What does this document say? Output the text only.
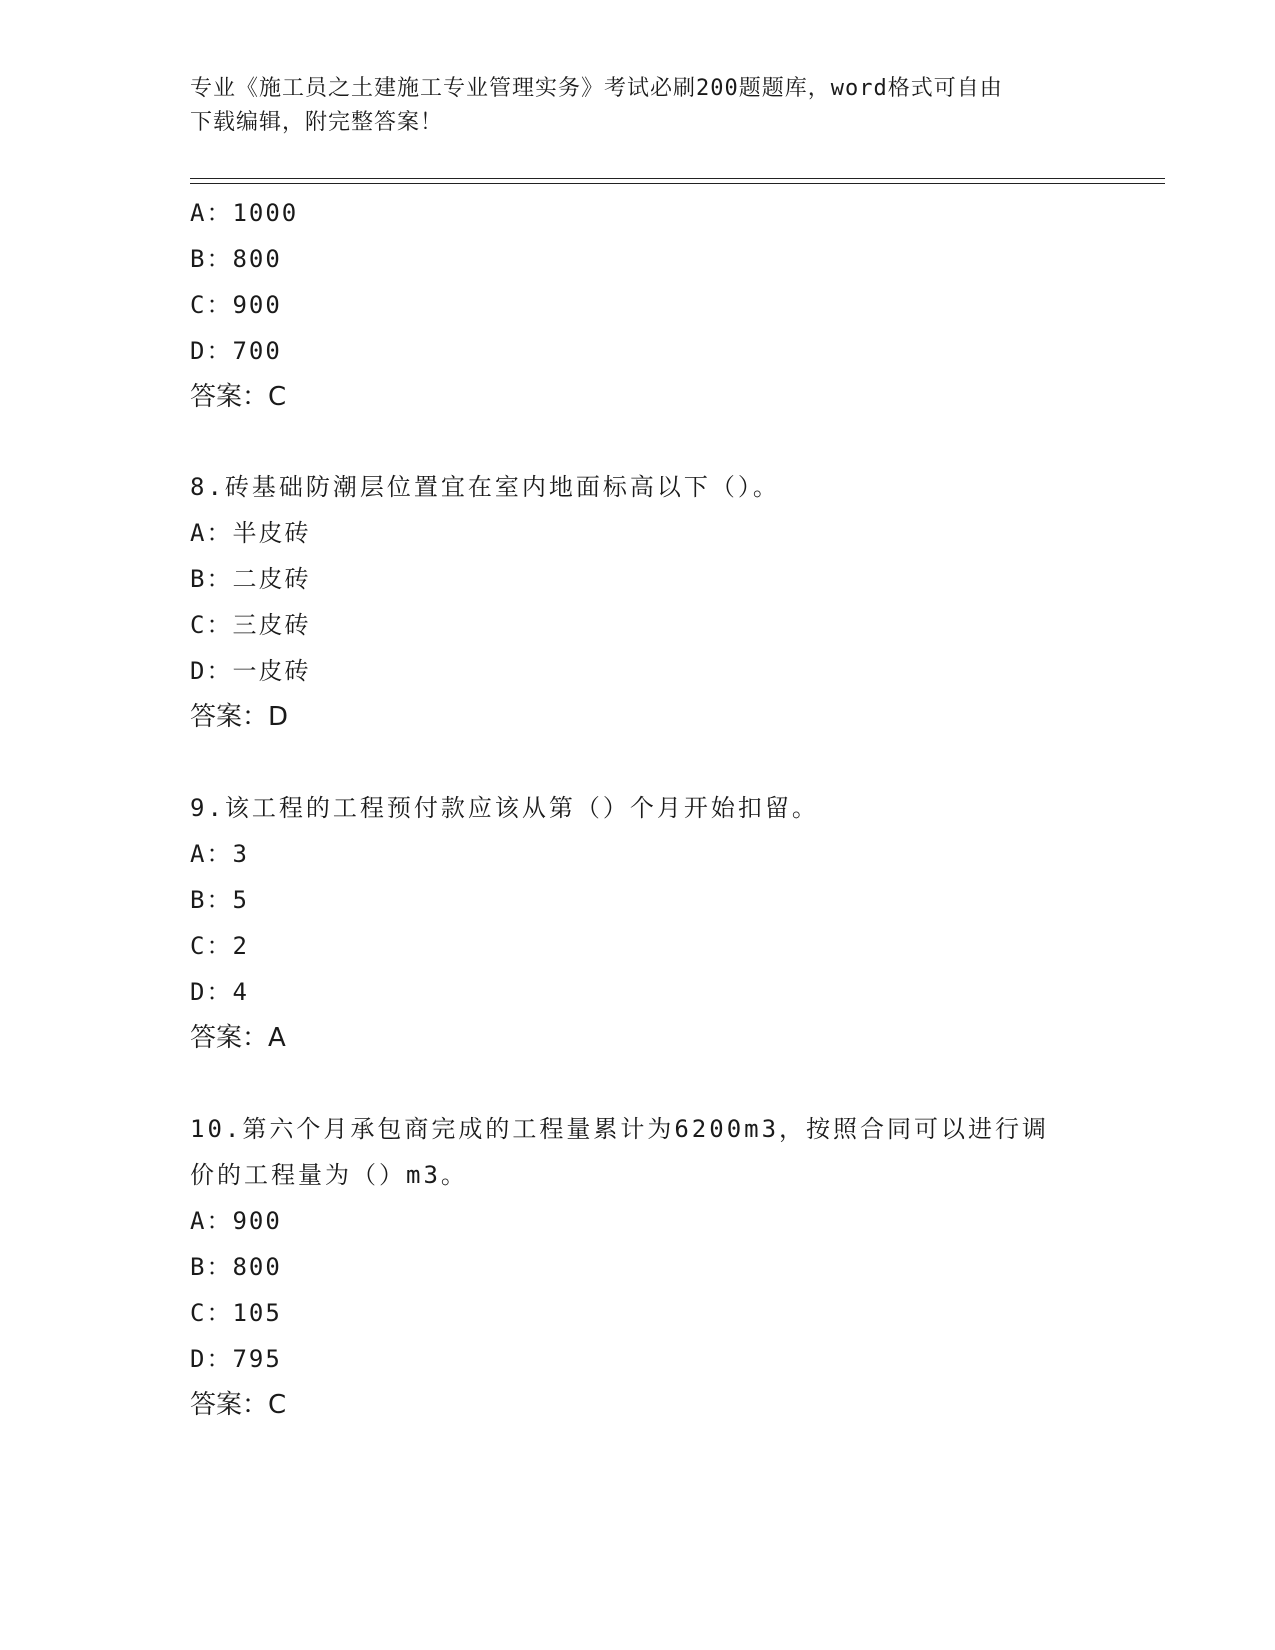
专业《施工员之土建施工专业管理实务》考试必刷200题题库，word格式可自由
下载编辑，附完整答案！
A：1000
B：800
C：900
D：700
答案：C
8.砖基础防潮层位置宜在室内地面标高以下（）。
A：半皮砖
B：二皮砖
C：三皮砖
D：一皮砖
答案：D
9.该工程的工程预付款应该从第（）个月开始扣留。
A：3
B：5
C：2
D：4
答案：A
10.第六个月承包商完成的工程量累计为6200m3，按照合同可以进行调
价的工程量为（）m3。
A：900
B：800
C：105
D：795
答案：C
